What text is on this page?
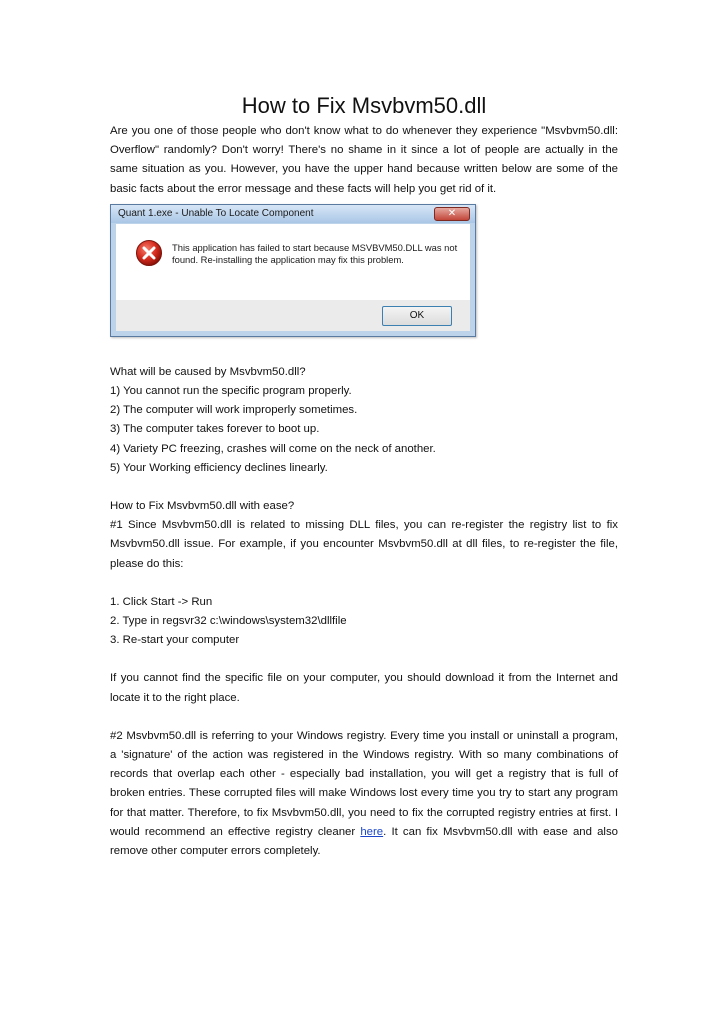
How to Fix Msvbvm50.dll

Are you one of those people who don't know what to do whenever they experience "Msvbvm50.dll: Overflow" randomly? Don't worry! There's no shame in it since a lot of people are actually in the same situation as you. However, you have the upper hand because written below are some of the basic facts about the error message and these facts will help you get rid of it.

Quant 1.exe - Unable To Locate Component	✕
This application has failed to start because MSVBVM50.DLL was not found. Re-installing the application may fix this problem.
OK

What will be caused by Msvbvm50.dll?

1) You cannot run the specific program properly.

2) The computer will work improperly sometimes.

3) The computer takes forever to boot up.

4) Variety PC freezing, crashes will come on the neck of another.

5) Your Working efficiency declines linearly.

How to Fix Msvbvm50.dll with ease?

#1 Since Msvbvm50.dll is related to missing DLL files, you can re-register the registry list to fix Msvbvm50.dll issue. For example, if you encounter Msvbvm50.dll at dll files, to re-register the file, please do this:

1. Click Start -> Run

2. Type in regsvr32 c:\windows\system32\dllfile

3. Re-start your computer

If you cannot find the specific file on your computer, you should download it from the Internet and locate it to the right place.

#2 Msvbvm50.dll is referring to your Windows registry. Every time you install or uninstall a program, a 'signature' of the action was registered in the Windows registry. With so many combinations of records that overlap each other - especially bad installation, you will get a registry that is full of broken entries. These corrupted files will make Windows lost every time you try to start any program for that matter. Therefore, to fix Msvbvm50.dll, you need to fix the corrupted registry entries at first. I would recommend an effective registry cleaner here. It can fix Msvbvm50.dll with ease and also remove other computer errors completely.
